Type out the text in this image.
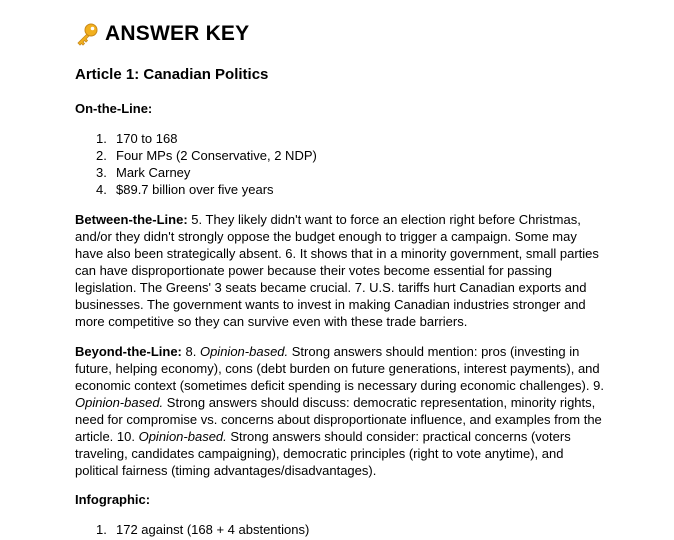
ANSWER KEY
Article 1: Canadian Politics
On-the-Line:
1. 170 to 168
2. Four MPs (2 Conservative, 2 NDP)
3. Mark Carney
4. $89.7 billion over five years

Between-the-Line: 5. They likely didn't want to force an election right before Christmas, and/or they didn't strongly oppose the budget enough to trigger a campaign. Some may have also been strategically absent. 6. It shows that in a minority government, small parties can have disproportionate power because their votes become essential for passing legislation. The Greens' 3 seats became crucial. 7. U.S. tariffs hurt Canadian exports and businesses. The government wants to invest in making Canadian industries stronger and more competitive so they can survive even with these trade barriers.

Beyond-the-Line: 8. Opinion-based. Strong answers should mention: pros (investing in future, helping economy), cons (debt burden on future generations, interest payments), and economic context (sometimes deficit spending is necessary during economic challenges). 9. Opinion-based. Strong answers should discuss: democratic representation, minority rights, need for compromise vs. concerns about disproportionate influence, and examples from the article. 10. Opinion-based. Strong answers should consider: practical concerns (voters traveling, candidates campaigning), democratic principles (right to vote anytime), and political fairness (timing advantages/disadvantages).

Infographic:
1. 172 against (168 + 4 abstentions)
